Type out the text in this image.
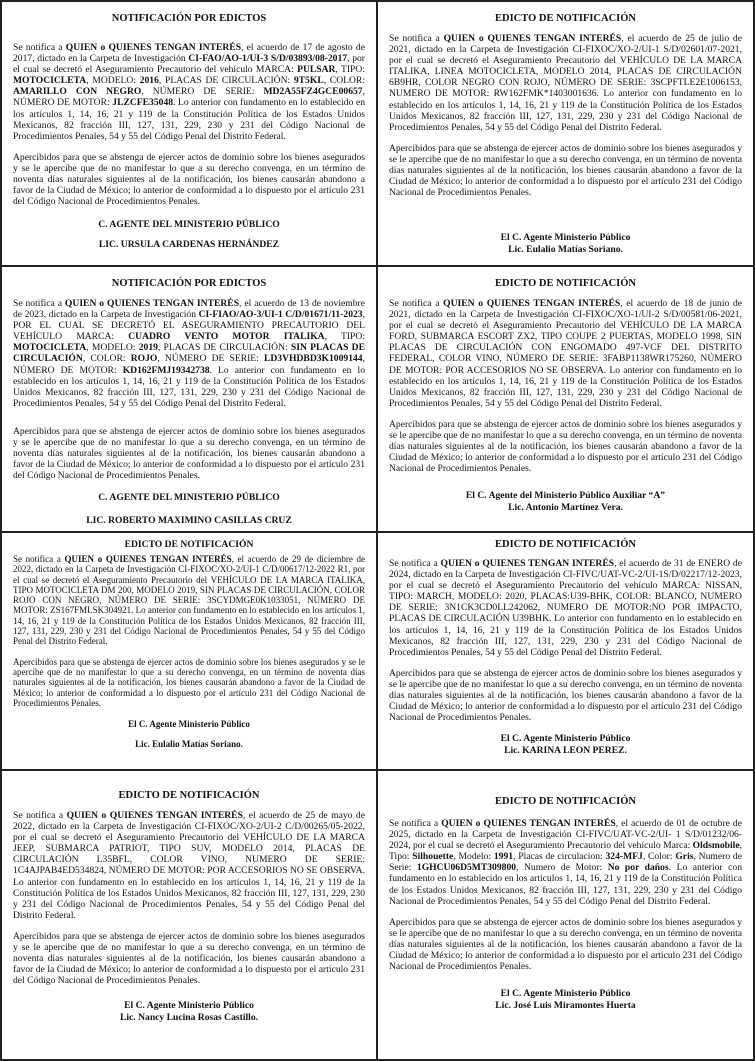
NOTIFICACIÓN POR EDICTOS
Se notifica a QUIEN o QUIENES TENGAN INTERÉS, el acuerdo de 17 de agosto de 2017, dictado en la Carpeta de Investigación CI-FAO/AO-1/UI-3 S/D/03893/08-2017, por el cual se decretó el Aseguramiento Precautorio del vehículo MARCA: PULSAR, TIPO: MOTOCICLETA, MODELO: 2016, PLACAS DE CIRCULACIÓN: 9T5KL, COLOR: AMARILLO CON NEGRO, NÚMERO DE SERIE: MD2A55FZ4GCE00657, NÚMERO DE MOTOR: JLZCFE35048. Lo anterior con fundamento en lo establecido en los artículos 1, 14, 16, 21 y 119 de la Constitución Política de los Estados Unidos Mexicanos, 82 fracción III, 127, 131, 229, 230 y 231 del Código Nacional de Procedimientos Penales, 54 y 55 del Código Penal del Distrito Federal.
Apercibidos para que se abstenga de ejercer actos de dominio sobre los bienes asegurados y se le apercibe que de no manifestar lo que a su derecho convenga, en un término de noventa días naturales siguientes al de la notificación, los bienes causarán abandono a favor de la Ciudad de México; lo anterior de conformidad a lo dispuesto por el artículo 231 del Código Nacional de Procedimientos Penales.
C. AGENTE DEL MINISTERIO PÚBLICO
LIC. URSULA CARDENAS HERNÁNDEZ
EDICTO DE NOTIFICACIÓN
Se notifica a QUIEN o QUIENES TENGAN INTERÉS, el acuerdo de 25 de julio de 2021, dictado en la Carpeta de Investigación CI-FIXOC/XO-2/UI-1 S/D/02601/07-2021, por el cual se decretó el Aseguramiento Precautorio del VEHÍCULO DE LA MARCA ITALIKA, LINEA MOTOCICLETA, MODELO 2014, PLACAS DE CIRCULACIÓN 6B9HR, COLOR NEGRO CON ROJO, NÚMERO DE SERIE: 3SCPFTLE2E1006153, NUMERO DE MOTOR: RW162FMK*1403001636. Lo anterior con fundamento en lo establecido en los artículos 1, 14, 16, 21 y 119 de la Constitución Política de los Estados Unidos Mexicanos, 82 fracción III, 127, 131, 229, 230 y 231 del Código Nacional de Procedimientos Penales, 54 y 55 del Código Penal del Distrito Federal.
Apercibidos para que se abstenga de ejercer actos de dominio sobre los bienes asegurados y se le apercibe que de no manifestar lo que a su derecho convenga, en un término de noventa días naturales siguientes al de la notificación, los bienes causarán abandono a favor de la Ciudad de México; lo anterior de conformidad a lo dispuesto por el artículo 231 del Código Nacional de Procedimientos Penales.
El C. Agente Ministerio Público
Lic. Eulalio Matías Soriano.
NOTIFICACIÓN POR EDICTOS
Se notifica a QUIEN o QUIENES TENGAN INTERÉS, el acuerdo de 13 de noviembre de 2023, dictado en la Carpeta de Investigación CI-FIAO/AO-3/UI-1 C/D/01671/11-2023, POR EL CUAL SE DECRETÓ EL ASEGURAMIENTO PRECAUTORIO DEL VEHÍCULO MARCA: CUADRO VENTO MOTOR ITALIKA, TIPO: MOTOCICLETA, MODELO: 2019, PLACAS DE CIRCULACIÓN: SIN PLACAS DE CIRCULACIÓN, COLOR: ROJO, NÚMERO DE SERIE: LD3VHDBD3K1009144, NÚMERO DE MOTOR: KD162FMJ19342738. Lo anterior con fundamento en lo establecido en los artículos 1, 14, 16, 21 y 119 de la Constitución Política de los Estados Unidos Mexicanos, 82 fracción III, 127, 131, 229, 230 y 231 del Código Nacional de Procedimientos Penales, 54 y 55 del Código Penal del Distrito Federal.
Apercibidos para que se abstenga de ejercer actos de dominio sobre los bienes asegurados y se le apercibe que de no manifestar lo que a su derecho convenga, en un término de noventa días naturales siguientes al de la notificación, los bienes causarán abandono a favor de la Ciudad de México; lo anterior de conformidad a lo dispuesto por el artículo 231 del Código Nacional de Procedimientos Penales.
C. AGENTE DEL MINISTERIO PÚBLICO
LIC. ROBERTO MAXIMINO CASILLAS CRUZ
EDICTO DE NOTIFICACIÓN
Se notifica a QUIEN o QUIENES TENGAN INTERÉS, el acuerdo de 18 de junio de 2021, dictado en la Carpeta de Investigación CI-FIXOC/XO-1/UI-2 S/D/00581/06-2021, por el cual se decretó el Aseguramiento Precautorio del VEHÍCULO DE LA MARCA FORD, SUBMARCA ESCORT ZX2, TIPO COUPE 2 PUERTAS, MODELO 1998, SIN PLACAS DE CIRCULACIÓN CON ENGOMADO 497-VCF DEL DISTRITO FEDERAL, COLOR VINO, NÚMERO DE SERIE: 3FABP1138WR175260, NÚMERO DE MOTOR: POR ACCESORIOS NO SE OBSERVA. Lo anterior con fundamento en lo establecido en los artículos 1, 14, 16, 21 y 119 de la Constitución Política de los Estados Unidos Mexicanos, 82 fracción III, 127, 131, 229, 230 y 231 del Código Nacional de Procedimientos Penales, 54 y 55 del Código Penal del Distrito Federal.
Apercibidos para que se abstenga de ejercer actos de dominio sobre los bienes asegurados y se le apercibe que de no manifestar lo que a su derecho convenga, en un término de noventa días naturales siguientes al de la notificación, los bienes causarán abandono a favor de la Ciudad de México; lo anterior de conformidad a lo dispuesto por el artículo 231 del Código Nacional de Procedimientos Penales.
El C. Agente del Ministerio Público Auxiliar “A”
Lic. Antonio Martínez Vera.
EDICTO DE NOTIFICACIÓN
Se notifica a QUIEN o QUIENES TENGAN INTERÉS, el acuerdo de 29 de diciembre de 2022, dictado en la Carpeta de Investigación CI-FIXOC/XO-2/UI-1 C/D/00617/12-2022 R1, por el cual se decretó el Aseguramiento Precautorio del VEHÍCULO DE LA MARCA ITALIKA, TIPO MOTOCICLETA DM 200, MODELO 2019, SIN PLACAS DE CIRCULACIÓN, COLOR ROJO CON NEGRO, NÚMERO DE SERIE: 3SCYDMGE0K1033051, NÚMERO DE MOTOR: ZS167FMLSK304921. Lo anterior con fundamento en lo establecido en los artículos 1, 14, 16, 21 y 119 de la Constitución Política de los Estados Unidos Mexicanos, 82 fracción III, 127, 131, 229, 230 y 231 del Código Nacional de Procedimientos Penales, 54 y 55 del Código Penal del Distrito Federal.
Apercibidos para que se abstenga de ejercer actos de dominio sobre los bienes asegurados y se le apercibe que de no manifestar lo que a su derecho convenga, en un término de noventa días naturales siguientes al de la notificación, los bienes causarán abandono a favor de la Ciudad de México; lo anterior de conformidad a lo dispuesto por el artículo 231 del Código Nacional de Procedimientos Penales.
El C. Agente Ministerio Público
Lic. Eulalio Matías Soriano.
EDICTO DE NOTIFICACIÓN
Se notifica a QUIEN o QUIENES TENGAN INTERÉS, el acuerdo de 31 de ENERO de 2024, dictado en la Carpeta de Investigación CI-FIVC/UAT-VC-2/UI-1S/D/02217/12-2023, por el cual se decretó el Aseguramiento Precautorio del vehículo MARCA: NISSAN, TIPO: MARCH, MODELO: 2020, PLACAS:U39-BHK, COLOR: BLANCO, NUMERO DE SERIE: 3N1CK3CD0LL242062, NUMERO DE MOTOR:NO POR IMPACTO, PLACAS DE CIRCULACIÓN U39BHK. Lo anterior con fundamento en lo establecido en los artículos 1, 14, 16, 21 y 119 de la Constitución Política de los Estados Unidos Mexicanos, 82 fracción III, 127, 131, 229, 230 y 231 del Código Nacional de Procedimientos Penales, 54 y 55 del Código Penal del Distrito Federal.
Apercibidos para que se abstenga de ejercer actos de dominio sobre los bienes asegurados y se le apercibe que de no manifestar lo que a su derecho convenga, en un término de noventa días naturales siguientes al de la notificación, los bienes causarán abandono a favor de la Ciudad de México; lo anterior de conformidad a lo dispuesto por el artículo 231 del Código Nacional de Procedimientos Penales.
El C. Agente Ministerio Público
Lic. KARINA LEON PEREZ.
EDICTO DE NOTIFICACIÓN
Se notifica a QUIEN o QUIENES TENGAN INTERÉS, el acuerdo de 25 de mayo de 2022, dictado en la Carpeta de Investigación CI-FIXOC/XO-2/UI-2 C/D/00265/05-2022, por el cual se decretó el Aseguramiento Precautorio del VEHÍCULO DE LA MARCA JEEP, SUBMARCA PATRIOT, TIPO SUV, MODELO 2014, PLACAS DE CIRCULACIÓN L35BFL, COLOR VINO, NUMERO DE SERIE: 1C4AJPAB4ED534824, NÚMERO DE MOTOR: POR ACCESORIOS NO SE OBSERVA. Lo anterior con fundamento en lo establecido en los artículos 1, 14, 16, 21 y 119 de la Constitución Política de los Estados Unidos Mexicanos, 82 fracción III, 127, 131, 229, 230 y 231 del Código Nacional de Procedimientos Penales, 54 y 55 del Código Penal del Distrito Federal.
Apercibidos para que se abstenga de ejercer actos de dominio sobre los bienes asegurados y se le apercibe que de no manifestar lo que a su derecho convenga, en un término de noventa días naturales siguientes al de la notificación, los bienes causarán abandono a favor de la Ciudad de México; lo anterior de conformidad a lo dispuesto por el artículo 231 del Código Nacional de Procedimientos Penales.
El C. Agente Ministerio Público
Lic. Nancy Lucina Rosas Castillo.
EDICTO DE NOTIFICACIÓN
Se notifica a QUIEN o QUIENES TENGAN INTERÉS, el acuerdo de 01 de octubre de 2025, dictado en la Carpeta de Investigación CI-FIVC/UAT-VC-2/UI- 1 S/D/01232/06-2024, por el cual se decretó el Aseguramiento Precautorio del vehículo Marca: Oldsmobile, Tipo: Silhouette, Modelo: 1991, Placas de circulacion: 324-MFJ, Color: Gris, Numero de Serie: 1GHCU06D5MT309800, Numero de Motor: No por daños. Lo anterior con fundamento en lo establecido en los artículos 1, 14, 16, 21 y 119 de la Constitución Política de los Estados Unidos Mexicanos, 82 fracción III, 127, 131, 229, 230 y 231 del Código Nacional de Procedimientos Penales, 54 y 55 del Código Penal del Distrito Federal.
Apercibidos para que se abstenga de ejercer actos de dominio sobre los bienes asegurados y se le apercibe que de no manifestar lo que a su derecho convenga, en un término de noventa días naturales siguientes al de la notificación, los bienes causarán abandono a favor de la Ciudad de México; lo anterior de conformidad a lo dispuesto por el artículo 231 del Código Nacional de Procedimientos Penales.
El C. Agente Ministerio Público
Lic. José Luis Miramontes Huerta
